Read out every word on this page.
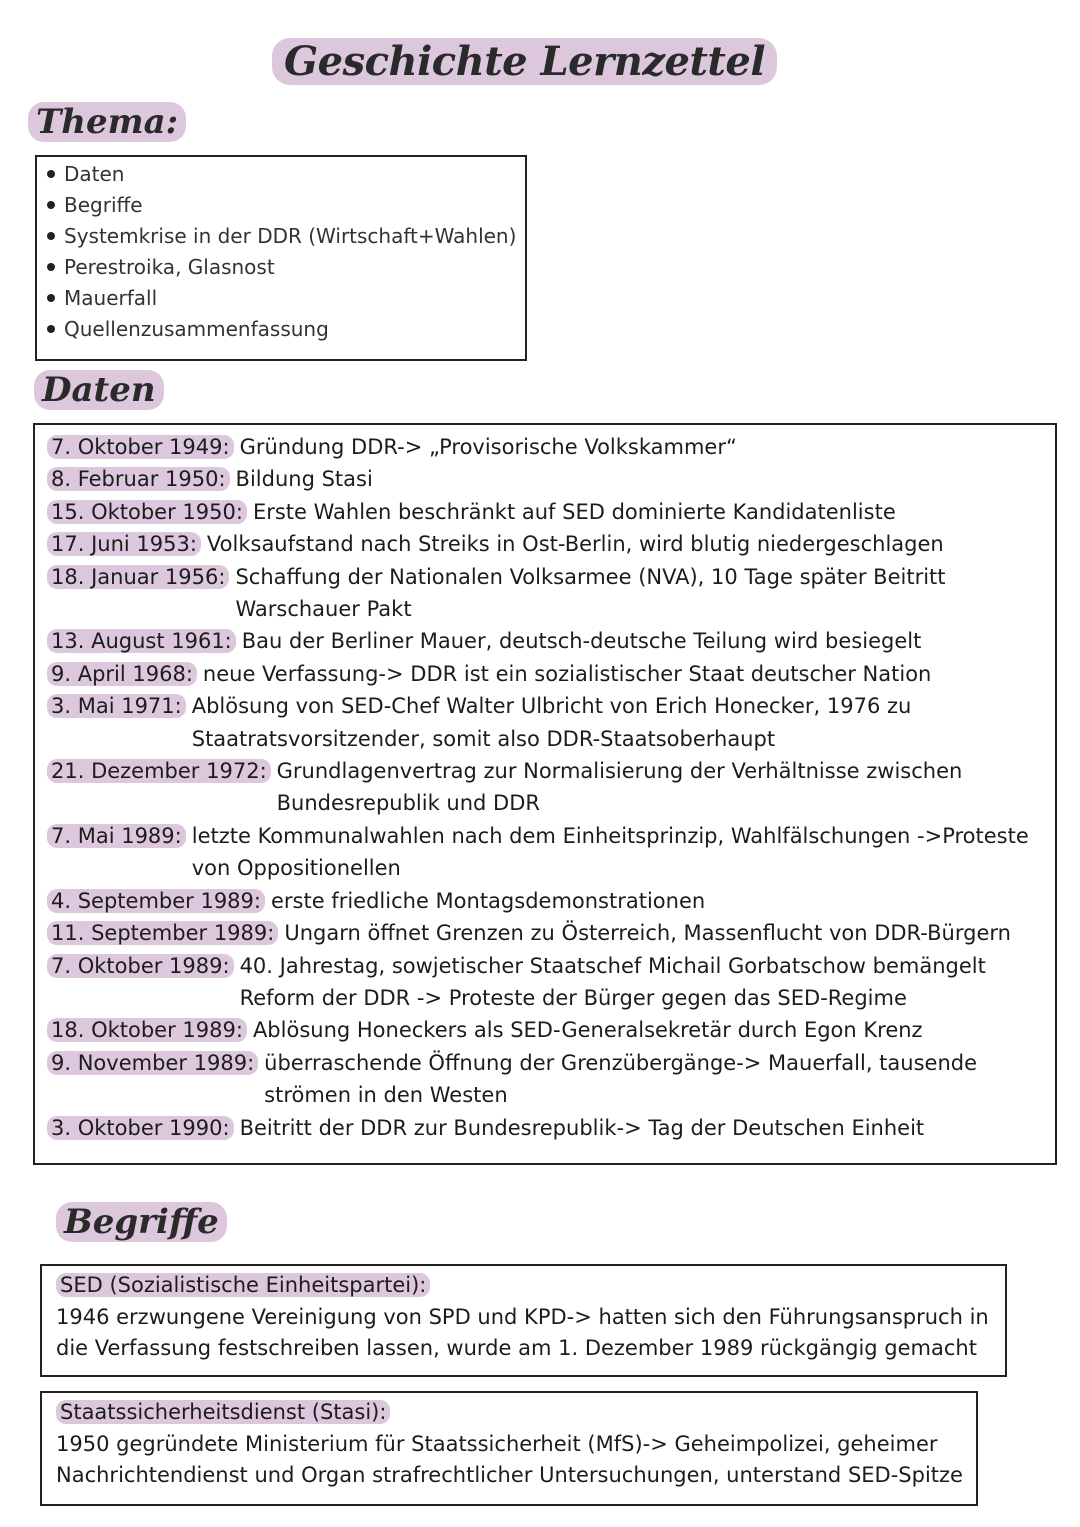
Geschichte Lernzettel
Thema:
Daten
Begriffe
Systemkrise in der DDR (Wirtschaft+Wahlen)
Perestroika, Glasnost
Mauerfall
Quellenzusammenfassung
Daten
7. Oktober 1949: Gründung DDR-> „Provisorische Volkskammer“
8. Februar 1950: Bildung Stasi
15. Oktober 1950: Erste Wahlen beschränkt auf SED dominierte Kandidatenliste
17. Juni 1953: Volksaufstand nach Streiks in Ost-Berlin, wird blutig niedergeschlagen
18. Januar 1956: Schaffung der Nationalen Volksarmee (NVA), 10 Tage später Beitritt Warschauer Pakt
13. August 1961: Bau der Berliner Mauer, deutsch-deutsche Teilung wird besiegelt
9. April 1968: neue Verfassung-> DDR ist ein sozialistischer Staat deutscher Nation
3. Mai 1971: Ablösung von SED-Chef Walter Ulbricht von Erich Honecker, 1976 zu Staatratsvorsitzender, somit also DDR-Staatsoberhaupt
21. Dezember 1972: Grundlagenvertrag zur Normalisierung der Verhältnisse zwischen Bundesrepublik und DDR
7. Mai 1989: letzte Kommunalwahlen nach dem Einheitsprinzip, Wahlfälschungen ->Proteste von Oppositionellen
4. September 1989: erste friedliche Montagsdemonstrationen
11. September 1989: Ungarn öffnet Grenzen zu Österreich, Massenflucht von DDR-Bürgern
7. Oktober 1989: 40. Jahrestag, sowjetischer Staatschef Michail Gorbatschow bemängelt Reform der DDR -> Proteste der Bürger gegen das SED-Regime
18. Oktober 1989: Ablösung Honeckers als SED-Generalsekretär durch Egon Krenz
9. November 1989: überraschende Öffnung der Grenzübergänge-> Mauerfall, tausende strömen in den Westen
3. Oktober 1990: Beitritt der DDR zur Bundesrepublik-> Tag der Deutschen Einheit
Begriffe
SED (Sozialistische Einheitspartei):
1946 erzwungene Vereinigung von SPD und KPD-> hatten sich den Führungsanspruch in die Verfassung festschreiben lassen, wurde am 1. Dezember 1989 rückgängig gemacht
Staatssicherheitsdienst (Stasi):
1950 gegründete Ministerium für Staatssicherheit (MfS)-> Geheimpolizei, geheimer Nachrichtendienst und Organ strafrechtlicher Untersuchungen, unterstand SED-Spitze
